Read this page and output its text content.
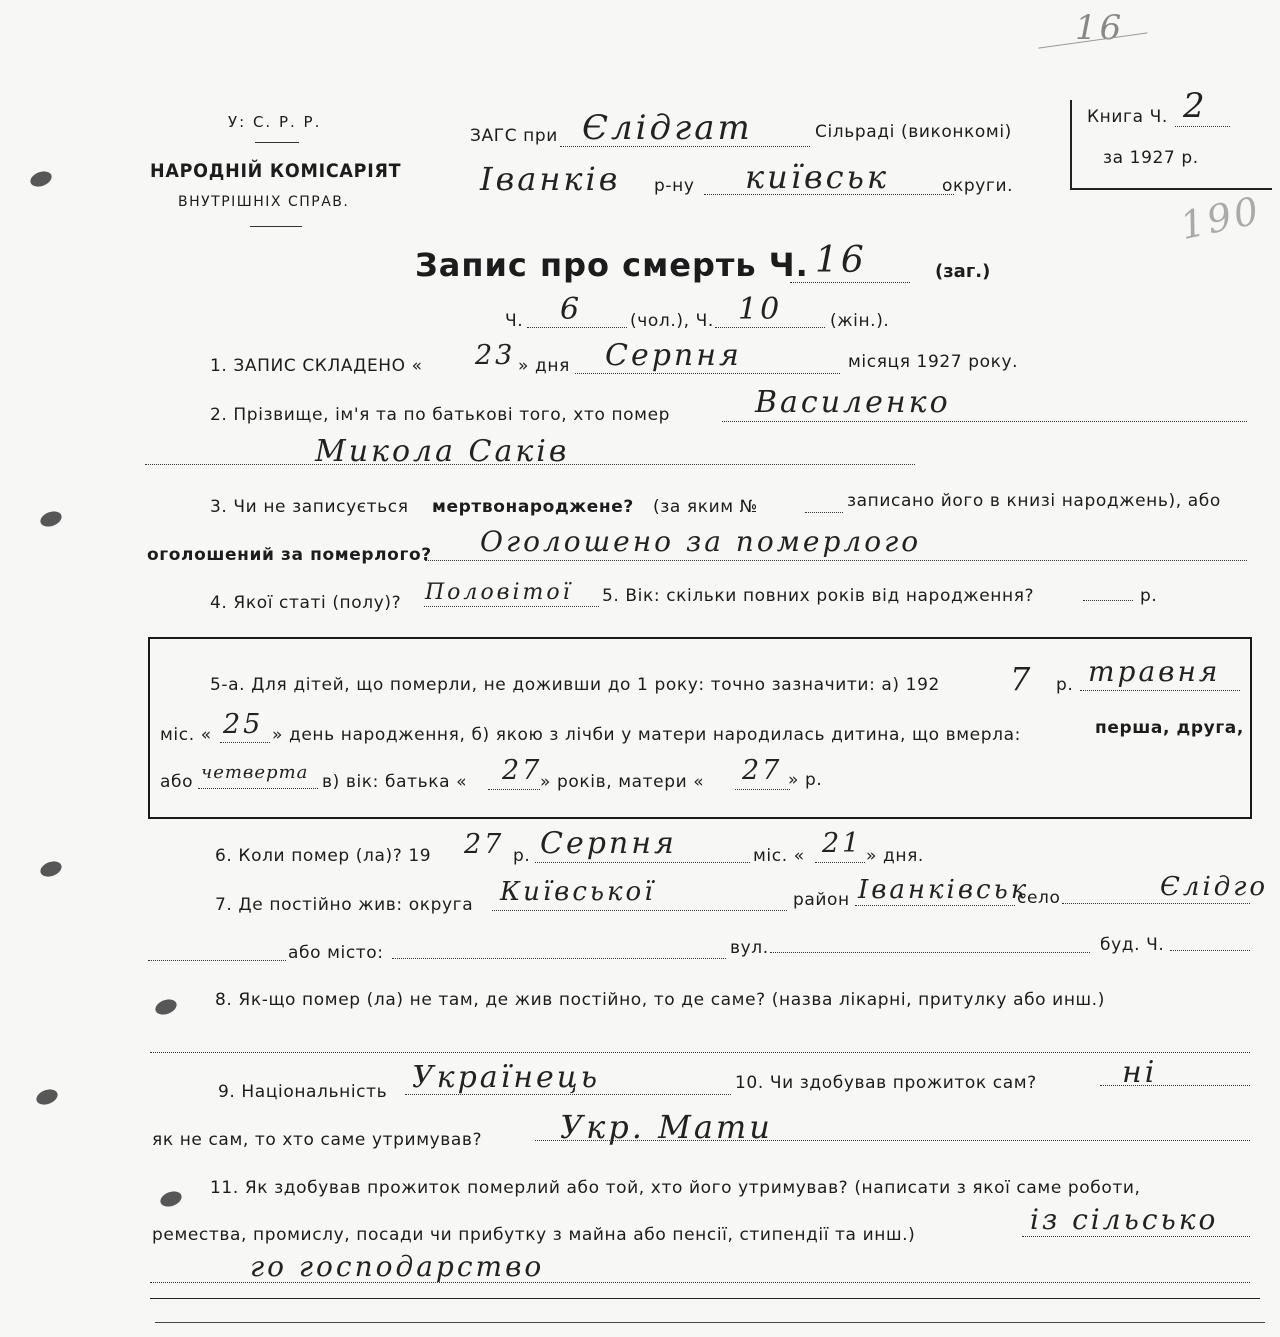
16
У: С. Р. Р.
НАРОДНІЙ КОМІСАРІЯТ
ВНУТРІШНІХ СПРАВ.
ЗАГС при Єлідгат	Сільраді (виконкомі)
Іванків р-ну київськ	округи.
Книга Ч. 2
за 1927 р.
190
Запис про смерть Ч. 16	(заг.)
Ч. 6	(чол.), Ч. 10	(жін.).
1. ЗАПИС СКЛАДЕНО « 23 » дня Серпня	місяця 1927 року.
2. Прізвище, ім'я та по батькові того, хто помер	Василенко
Микола Саків
3. Чи не записується мертвонароджене? (за яким №	записано його в книзі народжень), або
оголошений за померлого? Оголошено за померлого
4. Якої статі (полу)? Половітої 5. Вік: скільки повних років від народження?	р.
5-а. Для дітей, що померли, не доживши до 1 року: точно зазначити: а) 192 7 р. травня
міс. « 25 » день народження, б) якою з лічби у матери народилась дитина, що вмерла:	перша, друга,
або четверта в) вік: батька « 27
» років, матери « 27 » р.
6. Коли помер (ла)? 19 27 р. Серпня	міс. « 21 » дня.
7. Де постійно жив: округа Київської	район Іванківськ
село	Єлідго
або місто:	вул.	буд. Ч.
8. Як-що помер (ла) не там, де жив постійно, то де саме? (назва лікарні, притулку або инш.)
9. Національність Українець	10. Чи здобував прожиток сам?	ні
як не сам, то хто саме утримував? Укр. Мати
11. Як здобував прожиток померлий або той, хто його утримував? (написати з якої саме роботи,
ремества, промислу, посади чи прибутку з майна або пенсії, стипендії та инш.)	із сільсько
го господарство
